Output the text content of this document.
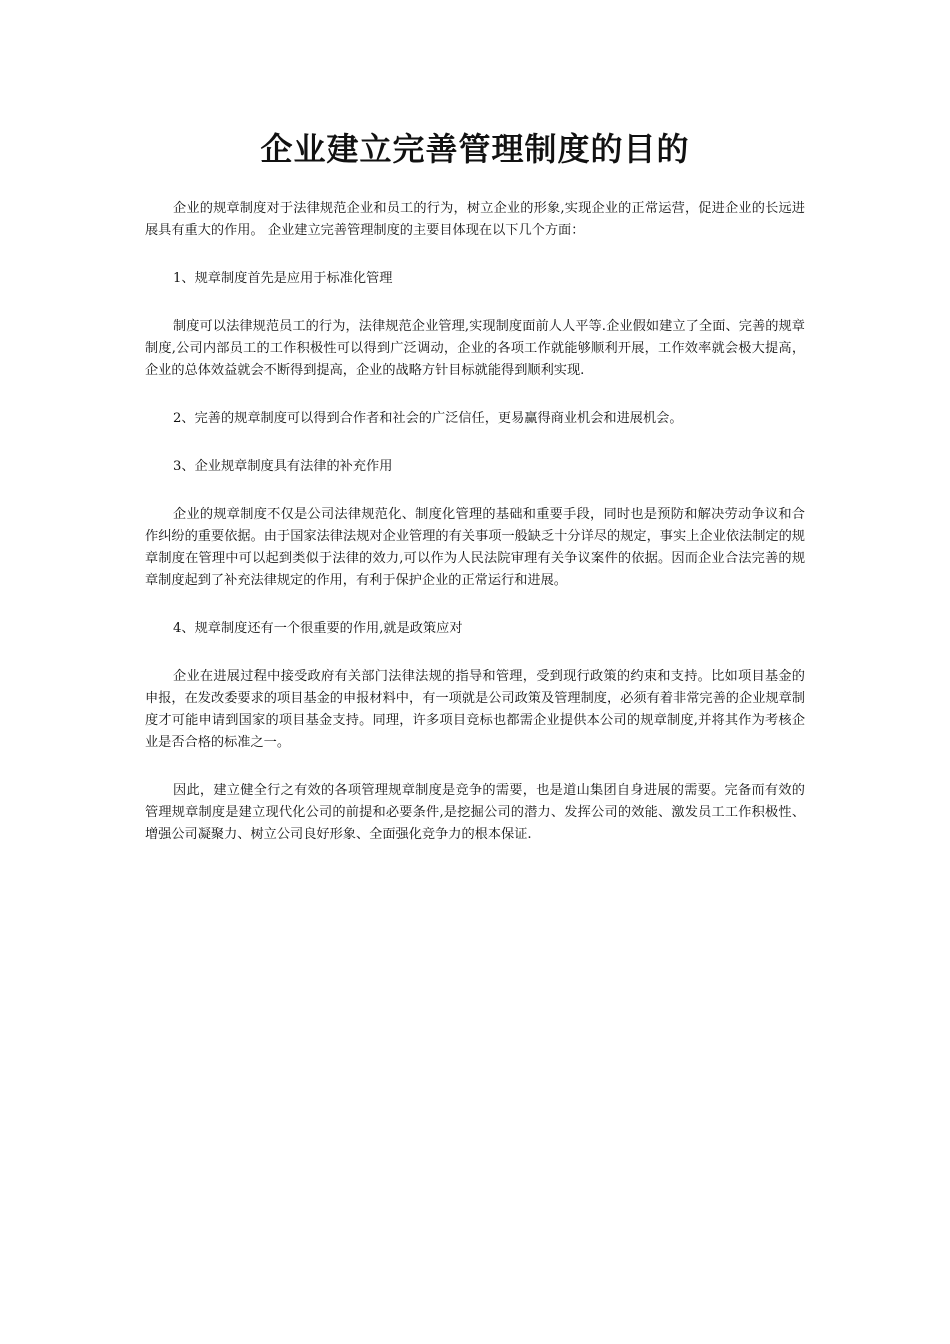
企业建立完善管理制度的目的

企业的规章制度对于法律规范企业和员工的行为，树立企业的形象,实现企业的正常运营，促进企业的长远进展具有重大的作用。 企业建立完善管理制度的主要目体现在以下几个方面：

1、规章制度首先是应用于标准化管理

制度可以法律规范员工的行为，法律规范企业管理,实现制度面前人人平等.企业假如建立了全面、完善的规章制度,公司内部员工的工作积极性可以得到广泛调动，企业的各项工作就能够顺利开展，工作效率就会极大提高，企业的总体效益就会不断得到提高，企业的战略方针目标就能得到顺利实现.

2、完善的规章制度可以得到合作者和社会的广泛信任，更易赢得商业机会和进展机会。

3、企业规章制度具有法律的补充作用

企业的规章制度不仅是公司法律规范化、制度化管理的基础和重要手段，同时也是预防和解决劳动争议和合作纠纷的重要依据。由于国家法律法规对企业管理的有关事项一般缺乏十分详尽的规定，事实上企业依法制定的规章制度在管理中可以起到类似于法律的效力,可以作为人民法院审理有关争议案件的依据。因而企业合法完善的规章制度起到了补充法律规定的作用，有利于保护企业的正常运行和进展。

4、规章制度还有一个很重要的作用,就是政策应对

企业在进展过程中接受政府有关部门法律法规的指导和管理，受到现行政策的约束和支持。比如项目基金的申报，在发改委要求的项目基金的申报材料中，有一项就是公司政策及管理制度，必须有着非常完善的企业规章制度才可能申请到国家的项目基金支持。同理，许多项目竞标也都需企业提供本公司的规章制度,并将其作为考核企业是否合格的标准之一。

因此，建立健全行之有效的各项管理规章制度是竞争的需要，也是道山集团自身进展的需要。完备而有效的管理规章制度是建立现代化公司的前提和必要条件,是挖掘公司的潜力、发挥公司的效能、激发员工工作积极性、增强公司凝聚力、树立公司良好形象、全面强化竞争力的根本保证.
